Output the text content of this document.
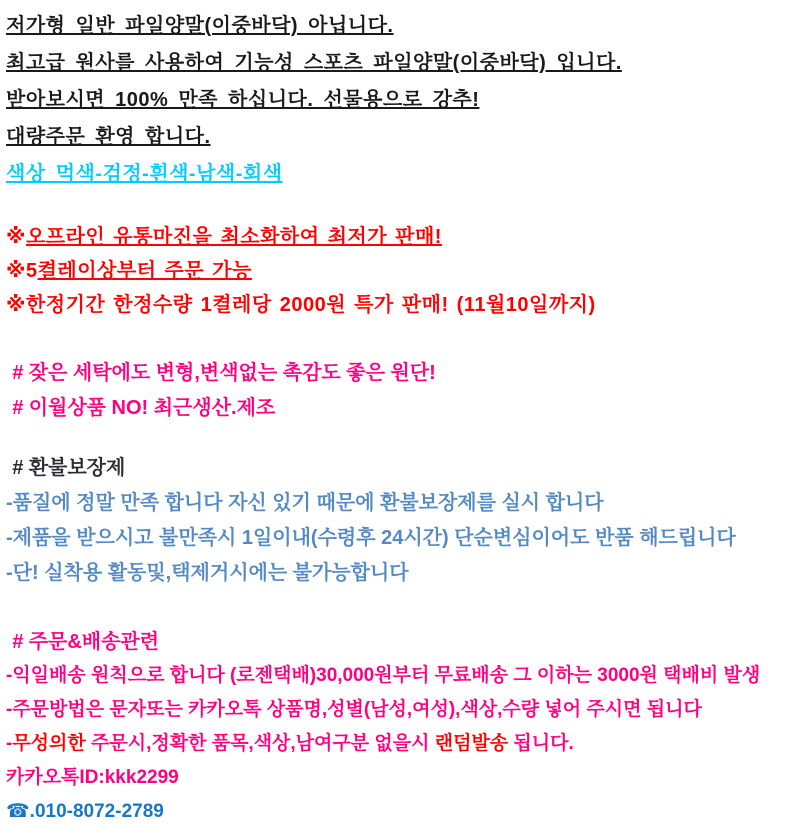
저가형 일반 파일양말(이중바닥) 아닙니다.

최고급 원사를 사용하여 기능성 스포츠 파일양말(이중바닥) 입니다.

받아보시면 100% 만족 하십니다. 선물용으로 강추!

대량주문 환영 합니다.

색상 먹색-검정-흰색-남색-회색

※오프라인 유통마진을 최소화하여 최저가 판매!

※5켤레이상부터 주문 가능

※한정기간 한정수량 1켤레당 2000원 특가 판매! (11월10일까지)

# 잦은 세탁에도 변형,변색없는 촉감도 좋은 원단!

# 이월상품 NO! 최근생산.제조

# 환불보장제

-품질에 정말 만족 합니다 자신 있기 때문에 환불보장제를 실시 합니다

-제품을 받으시고 불만족시 1일이내(수령후 24시간) 단순변심이어도 반품 해드립니다

-단! 실착용 활동및,택제거시에는 불가능합니다

# 주문&배송관련

-익일배송 원칙으로 합니다 (로젠택배)30,000원부터 무료배송 그 이하는 3000원 택배비 발생

-주문방법은 문자또는 카카오톡 상품명,성별(남성,여성),색상,수량 넣어 주시면 됩니다

-무성의한 주문시,정확한 품목,색상,남여구분 없을시 랜덤발송 됩니다.

카카오톡ID:kkk2299

☎.010-8072-2789
